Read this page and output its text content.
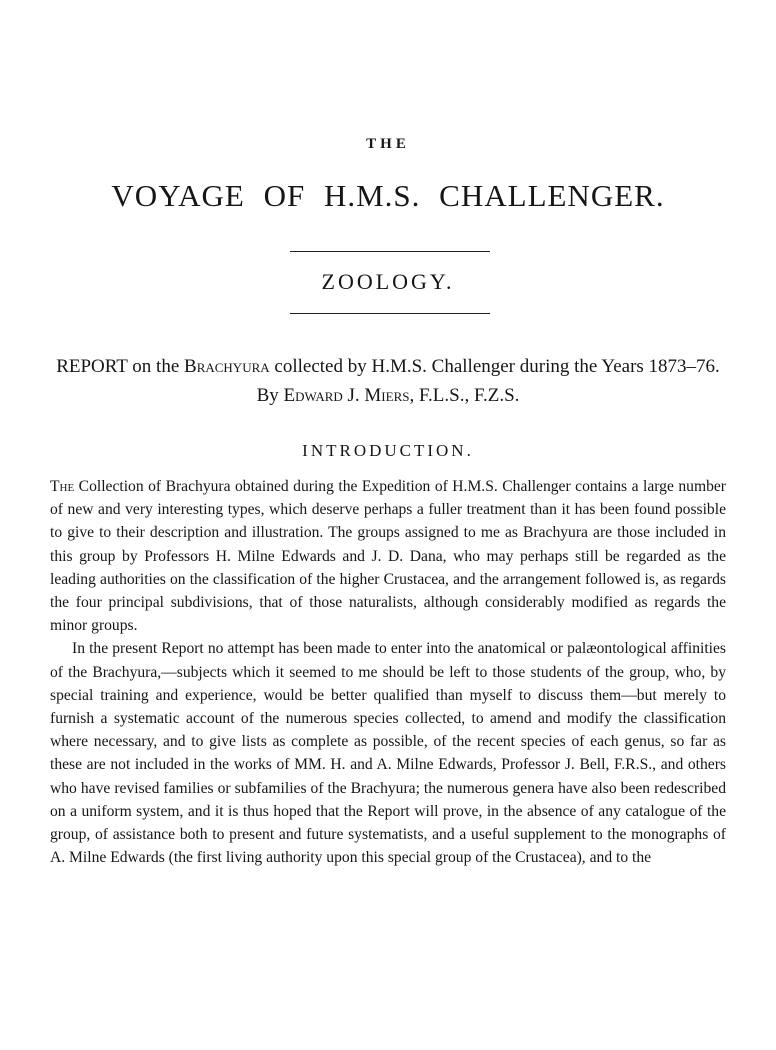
THE
VOYAGE OF H.M.S. CHALLENGER.
ZOOLOGY.
REPORT on the Brachyura collected by H.M.S. Challenger during the Years 1873–76. By Edward J. Miers, F.L.S., F.Z.S.
INTRODUCTION.

The Collection of Brachyura obtained during the Expedition of H.M.S. Challenger contains a large number of new and very interesting types, which deserve perhaps a fuller treatment than it has been found possible to give to their description and illustration. The groups assigned to me as Brachyura are those included in this group by Professors H. Milne Edwards and J. D. Dana, who may perhaps still be regarded as the leading authorities on the classification of the higher Crustacea, and the arrangement followed is, as regards the four principal subdivisions, that of those naturalists, although considerably modified as regards the minor groups.

In the present Report no attempt has been made to enter into the anatomical or palæontological affinities of the Brachyura,—subjects which it seemed to me should be left to those students of the group, who, by special training and experience, would be better qualified than myself to discuss them—but merely to furnish a systematic account of the numerous species collected, to amend and modify the classification where necessary, and to give lists as complete as possible, of the recent species of each genus, so far as these are not included in the works of MM. H. and A. Milne Edwards, Professor J. Bell, F.R.S., and others who have revised families or subfamilies of the Brachyura; the numerous genera have also been redescribed on a uniform system, and it is thus hoped that the Report will prove, in the absence of any catalogue of the group, of assistance both to present and future systematists, and a useful supplement to the monographs of A. Milne Edwards (the first living authority upon this special group of the Crustacea), and to the
